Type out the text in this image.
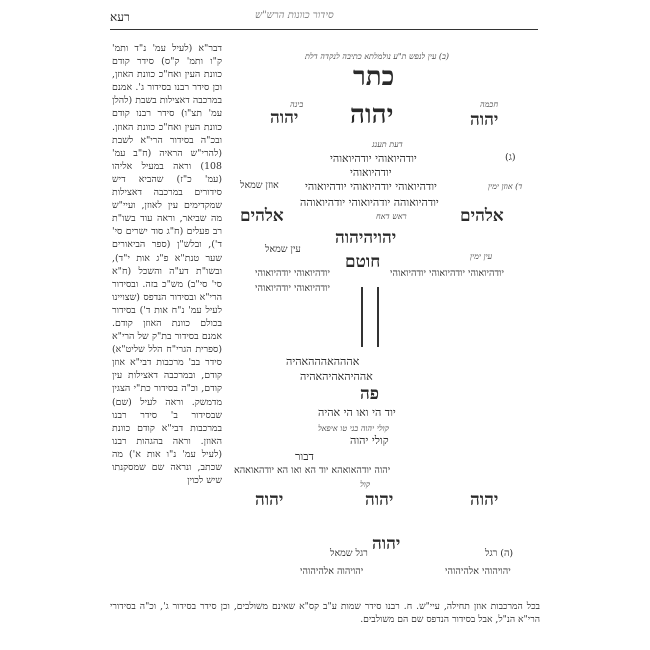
רעא	סידור כוונות הרש"ש

דבר"א (לעיל עמ' נ"ד ותמ' ק"ו ותמ' ק"ס) סידר קודם כוונת העין ואח"כ כוונת האוזן, וכן סידר רבנו בסידור ג'. אמנם במרכבה דאצילות בשבת (להלן עמ' תצ"ו) סידר רבנו קודם כוונת העין ואח"כ כוונת האוזן. ובכ"ה בסידור הרי"א לשבת (להרי"ש הראיה (ח"ב עמ' 108) וראה במעיל אליהו (עמ' כ"ז) שהביא דיש סידורים במרכבה דאצילות שמקדימים עין לאוזן, ועיי"ש מה שביאר, וראה עוד בשו"ת רב פעלים (ח"ג סוד ישרים סי' ד'), ובלש"ן (ספר הביאורים שער טנת"א פ"ג אות י"ד), ובשו"ת דע"ה והשכל (ח"א סי' סי"ב) מש"כ בזה. ובסידור הרי"א ובסידור הנדפס (שצויינו לעיל עמ' נ"ח אות ד') בסידור בכולם כוונת האוזן קודם. אמנם בסידור בת"ק של הרי"א (ספרית הגרי"ח הלל שליט"א) סידר בב' מרכבות דבי"א אוזן קודם, ובמרכבה דאצילות עין קודם, וכ"ה בסידור כת"י הצגין מדמשק. וראה לעיל (שם) שבסידור ב' סידר רבנו במרכבות דבי"א קודם כוונת האוזן. וראה בהגהות רבנו (לעיל עמ' נ"ו אות א') מה שכתב, ונראה שם שמסקנתו שיש לכוין

(ב) עין לנפש ת"ע נולמלתא כתיבה לנקדה דלת
כתר
בינה	חכמה
יהוה יהוה	יהוה
דעת תענג
(ג)
יודהיואוהי יודהיואוהי
יודהיואוהי
ד) אוזן ימין
אוזן שמאל יודהיואוהי יודהיואוהי יודהיואוהי
יודהיואוהה יודהיואוהי יודהיואוהה
ראש דאח	אלהים
אלהים
יהויהיהוה
עין ימין
עין שמאל
חוטם
יודהיואוהי יודהיואוהי יודהיואוהי
יודהיואוהי יודהיואוהי
יודהיואוהי יודהיואוהי
אהההאהההאהיה
אההיהאהיהאהיה
פה
יוד הי ואו הי אהיה
קולי יהוה בני טו איפאל
קולי יהוה
דבור
יהוה יודהאואהא יוד הא ואו הא יודהאואהא
קול
יהוה
יהוה
יהוה
(ה) רגל
רגל שמאל יהוה
יהויהוה אלהיהוהי	יהויהוהי אלהיהוהי

בכל המרכבות אוזן תחילה, עיי"ש. ח. רבנו סידר שמות ע"ב קס"א שאינם משולבים, וכן סידר בסידור ג', וכ"ה בסידורי הרי"א הנ"ל, אבל בסידור הנדפס שם הם משולבים.
